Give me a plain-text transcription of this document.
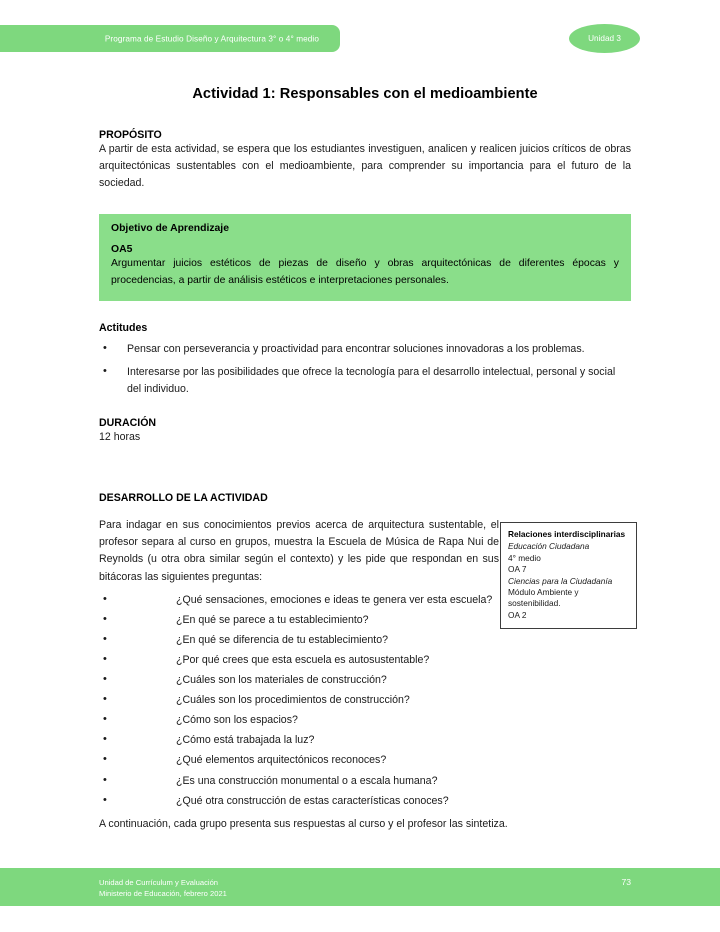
Programa de Estudio Diseño y Arquitectura 3° o 4° medio	Unidad 3
Actividad 1: Responsables con el medioambiente
PROPÓSITO

A partir de esta actividad, se espera que los estudiantes investiguen, analicen y realicen juicios críticos de obras arquitectónicas sustentables con el medioambiente, para comprender su importancia para el futuro de la sociedad.

Objetivo de Aprendizaje
OA5

Argumentar juicios estéticos de piezas de diseño y obras arquitectónicas de diferentes épocas y procedencias, a partir de análisis estéticos e interpretaciones personales.

Actitudes
• Pensar con perseverancia y proactividad para encontrar soluciones innovadoras a los problemas.
• Interesarse por las posibilidades que ofrece la tecnología para el desarrollo intelectual, personal y social del individuo.
DURACIÓN

12 horas

DESARROLLO DE LA ACTIVIDAD

Para indagar en sus conocimientos previos acerca de arquitectura sustentable, el profesor separa al curso en grupos, muestra la Escuela de Música de Rapa Nui de Reynolds (u otra obra similar según el contexto) y les pide que respondan en sus bitácoras las siguientes preguntas:

• ¿Qué sensaciones, emociones e ideas te genera ver esta escuela?
• ¿En qué se parece a tu establecimiento?
• ¿En qué se diferencia de tu establecimiento?
• ¿Por qué crees que esta escuela es autosustentable?
• ¿Cuáles son los materiales de construcción?
• ¿Cuáles son los procedimientos de construcción?
• ¿Cómo son los espacios?
• ¿Cómo está trabajada la luz?
• ¿Qué elementos arquitectónicos reconoces?
• ¿Es una construcción monumental o a escala humana?
• ¿Qué otra construcción de estas características conoces?
Relaciones interdisciplinarias
Educación Ciudadana
4° medio
OA 7
Ciencias para la Ciudadanía
Módulo Ambiente y
sostenibilidad.
OA 2

A continuación, cada grupo presenta sus respuestas al curso y el profesor las sintetiza.

Unidad de Currículum y Evaluación
Ministerio de Educación, febrero 2021
73
